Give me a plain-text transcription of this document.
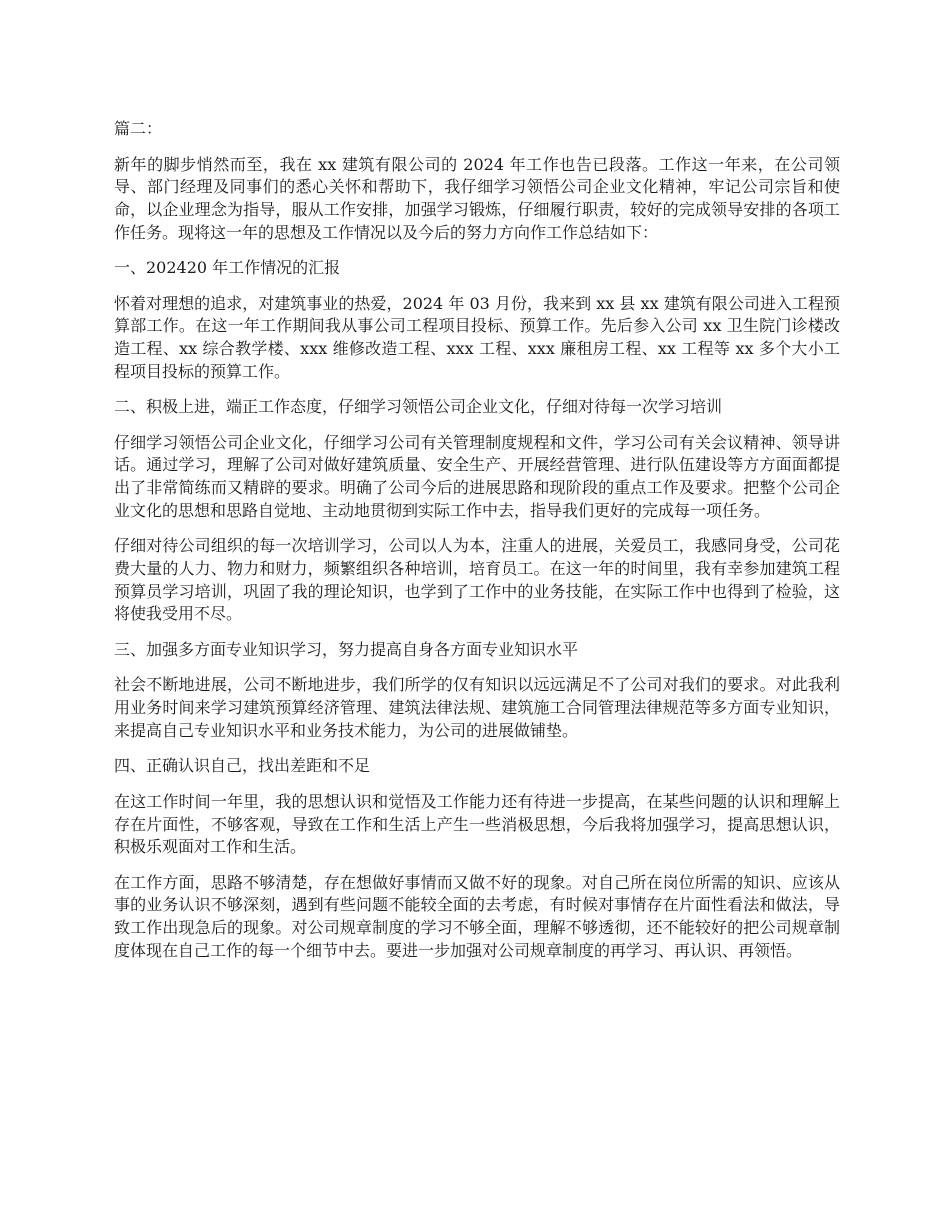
篇二：

新年的脚步悄然而至，我在 xx 建筑有限公司的 2024 年工作也告已段落。工作这一年来，在公司领导、部门经理及同事们的悉心关怀和帮助下，我仔细学习领悟公司企业文化精神，牢记公司宗旨和使命，以企业理念为指导，服从工作安排，加强学习锻炼，仔细履行职责，较好的完成领导安排的各项工作任务。现将这一年的思想及工作情况以及今后的努力方向作工作总结如下：

一、202420 年工作情况的汇报

怀着对理想的追求，对建筑事业的热爱，2024 年 03 月份，我来到 xx 县 xx 建筑有限公司进入工程预算部工作。在这一年工作期间我从事公司工程项目投标、预算工作。先后参入公司 xx 卫生院门诊楼改造工程、xx 综合教学楼、xxx 维修改造工程、xxx 工程、xxx 廉租房工程、xx 工程等 xx 多个大小工程项目投标的预算工作。

二、积极上进，端正工作态度，仔细学习领悟公司企业文化，仔细对待每一次学习培训

仔细学习领悟公司企业文化，仔细学习公司有关管理制度规程和文件，学习公司有关会议精神、领导讲话。通过学习，理解了公司对做好建筑质量、安全生产、开展经营管理、进行队伍建设等方方面面都提出了非常简练而又精辟的要求。明确了公司今后的进展思路和现阶段的重点工作及要求。把整个公司企业文化的思想和思路自觉地、主动地贯彻到实际工作中去，指导我们更好的完成每一项任务。

仔细对待公司组织的每一次培训学习，公司以人为本，注重人的进展，关爱员工，我感同身受，公司花费大量的人力、物力和财力，频繁组织各种培训，培育员工。在这一年的时间里，我有幸参加建筑工程预算员学习培训，巩固了我的理论知识，也学到了工作中的业务技能，在实际工作中也得到了检验，这将使我受用不尽。

三、加强多方面专业知识学习，努力提高自身各方面专业知识水平

社会不断地进展，公司不断地进步，我们所学的仅有知识以远远满足不了公司对我们的要求。对此我利用业务时间来学习建筑预算经济管理、建筑法律法规、建筑施工合同管理法律规范等多方面专业知识，来提高自己专业知识水平和业务技术能力，为公司的进展做铺垫。

四、正确认识自己，找出差距和不足

在这工作时间一年里，我的思想认识和觉悟及工作能力还有待进一步提高，在某些问题的认识和理解上存在片面性，不够客观，导致在工作和生活上产生一些消极思想，今后我将加强学习，提高思想认识，积极乐观面对工作和生活。

在工作方面，思路不够清楚，存在想做好事情而又做不好的现象。对自己所在岗位所需的知识、应该从事的业务认识不够深刻，遇到有些问题不能较全面的去考虑，有时候对事情存在片面性看法和做法，导致工作出现急后的现象。对公司规章制度的学习不够全面，理解不够透彻，还不能较好的把公司规章制度体现在自己工作的每一个细节中去。要进一步加强对公司规章制度的再学习、再认识、再领悟。
